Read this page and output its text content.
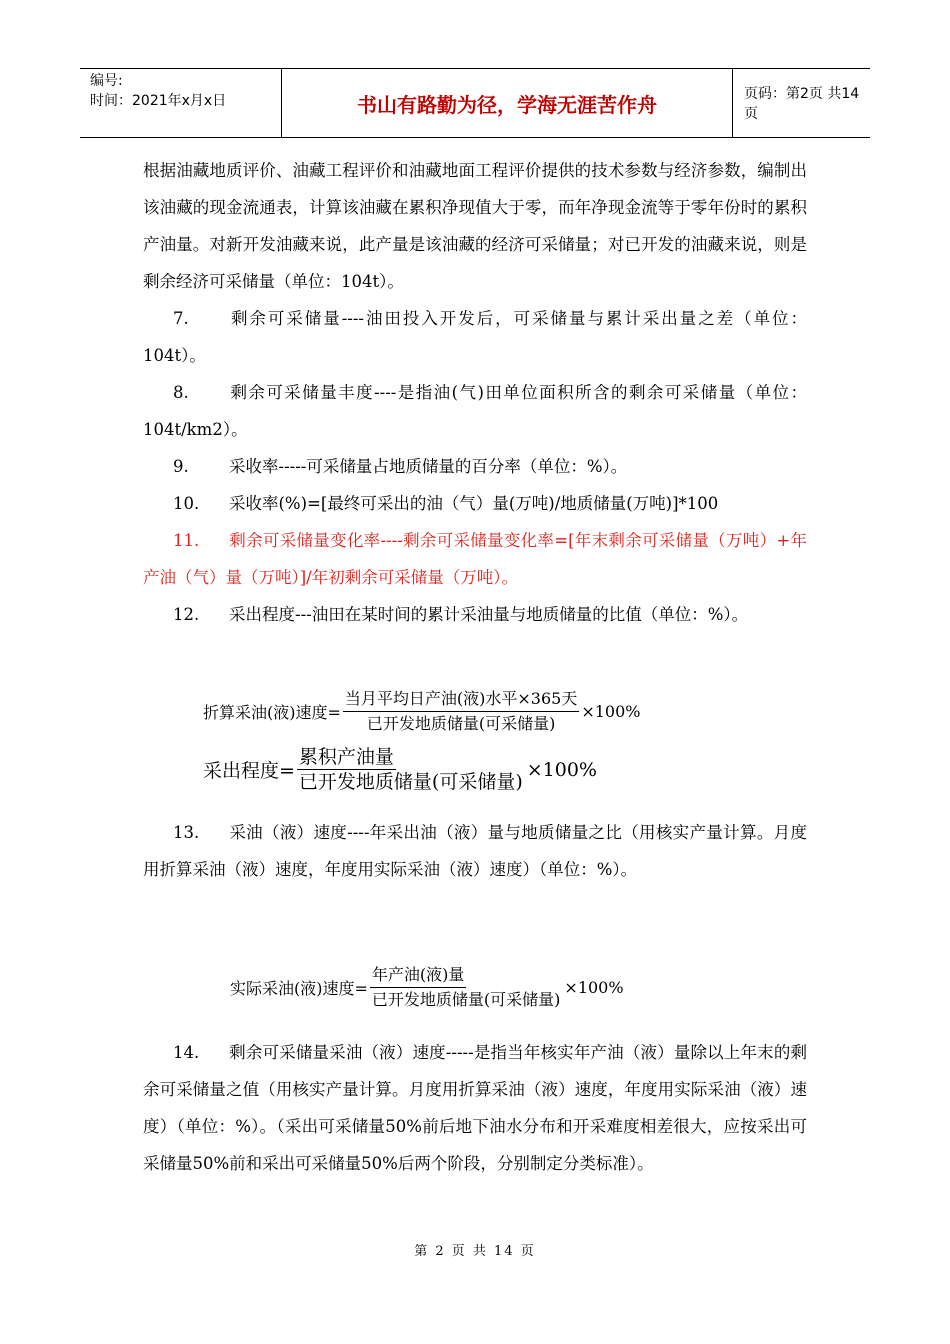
编号:
时间：2021年x月x日	书山有路勤为径，学海无涯苦作舟	页码：第2页 共14页

根据油藏地质评价、油藏工程评价和油藏地面工程评价提供的技术参数与经济参数，编制出该油藏的现金流通表，计算该油藏在累积净现值大于零，而年净现金流等于零年份时的累积产油量。对新开发油藏来说，此产量是该油藏的经济可采储量；对已开发的油藏来说，则是剩余经济可采储量（单位：104t）。

7. 剩余可采储量----油田投入开发后，可采储量与累计采出量之差（单位：104t）。

8. 剩余可采储量丰度----是指油(气)田单位面积所含的剩余可采储量（单位：104t/km2）。

9. 采收率-----可采储量占地质储量的百分率（单位：%）。

10. 采收率(%)=[最终可采出的油（气）量(万吨)/地质储量(万吨)]*100

11. 剩余可采储量变化率----剩余可采储量变化率=[年末剩余可采储量（万吨）+年产油（气）量（万吨）]/年初剩余可采储量（万吨）。

12. 采出程度---油田在某时间的累计采油量与地质储量的比值（单位：%）。

折算采油(液)速度= $\frac{\text{当月平均日产油(液)水平×365天}}{\text{已开发地质储量(可采储量)}} \times 100\%$
采出程度= $\frac{\text{累积产油量}}{\text{已开发地质储量(可采储量)}} \times 100\%$

13. 采油（液）速度----年采出油（液）量与地质储量之比（用核实产量计算。月度用折算采油（液）速度，年度用实际采油（液）速度）（单位：%）。

实际采油(液)速度= $\frac{\text{年产油(液)量}}{\text{已开发地质储量(可采储量)}} \times 100\%$

14. 剩余可采储量采油（液）速度-----是指当年核实年产油（液）量除以上年末的剩余可采储量之值（用核实产量计算。月度用折算采油（液）速度，年度用实际采油（液）速度）（单位：%）。（采出可采储量50%前后地下油水分布和开采难度相差很大，应按采出可采储量50%前和采出可采储量50%后两个阶段，分别制定分类标准）。

第 2 页 共 14 页
